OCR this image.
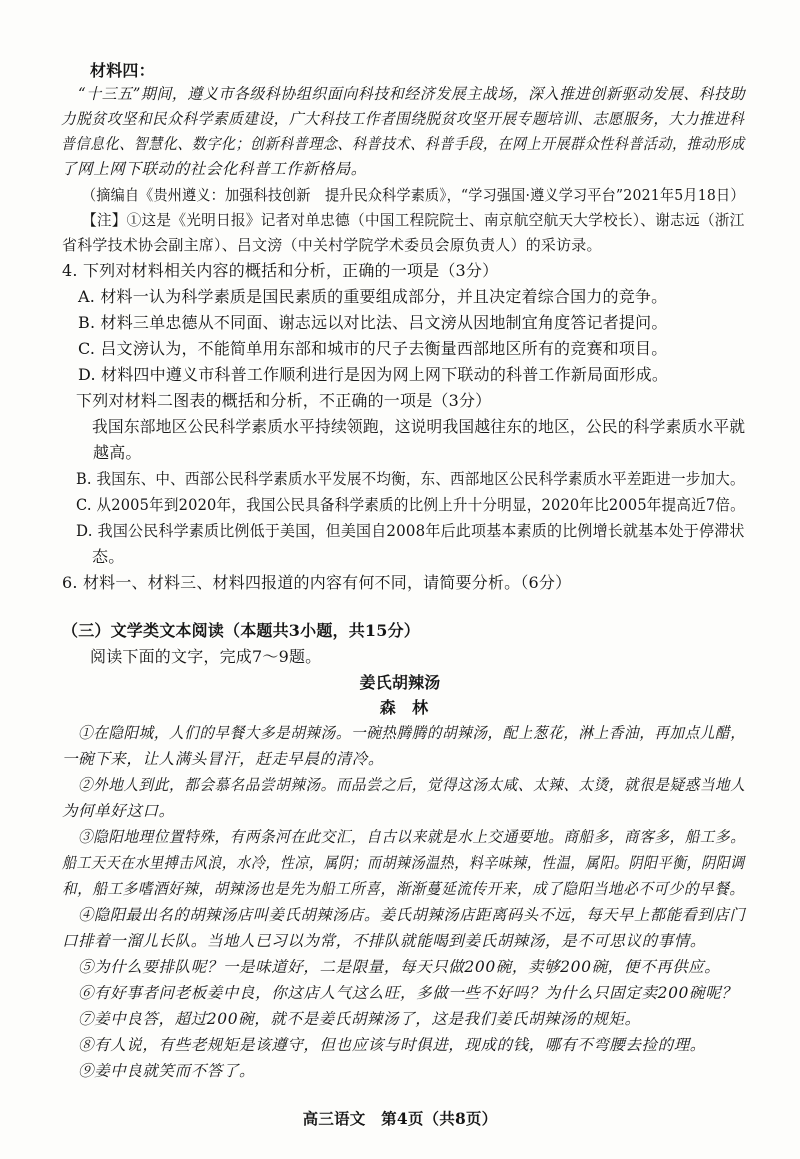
材料四：
“十三五”期间，遵义市各级科协组织面向科技和经济发展主战场，深入推进创新驱动发展、科技助
力脱贫攻坚和民众科学素质建设，广大科技工作者围绕脱贫攻坚开展专题培训、志愿服务，大力推进科
普信息化、智慧化、数字化；创新科普理念、科普技术、科普手段，在网上开展群众性科普活动，推动形成
了网上网下联动的社会化科普工作新格局。
（摘编自《贵州遵义：加强科技创新　提升民众科学素质》，“学习强国·遵义学习平台”2021年5月18日）
【注】①这是《光明日报》记者对单忠德（中国工程院院士、南京航空航天大学校长）、谢志远（浙江
省科学技术协会副主席）、吕文滂（中关村学院学术委员会原负责人）的采访录。
4. 下列对材料相关内容的概括和分析，正确的一项是（3分）
A. 材料一认为科学素质是国民素质的重要组成部分，并且决定着综合国力的竞争。
B. 材料三单忠德从不同面、谢志远以对比法、吕文滂从因地制宜角度答记者提问。
C. 吕文滂认为，不能简单用东部和城市的尺子去衡量西部地区所有的竞赛和项目。
D. 材料四中遵义市科普工作顺利进行是因为网上网下联动的科普工作新局面形成。
下列对材料二图表的概括和分析，不正确的一项是（3分）
我国东部地区公民科学素质水平持续领跑，这说明我国越往东的地区，公民的科学素质水平就
越高。
B. 我国东、中、西部公民科学素质水平发展不均衡，东、西部地区公民科学素质水平差距进一步加大。
C. 从2005年到2020年，我国公民具备科学素质的比例上升十分明显，2020年比2005年提高近7倍。
D. 我国公民科学素质比例低于美国，但美国自2008年后此项基本素质的比例增长就基本处于停滞状
态。
6. 材料一、材料三、材料四报道的内容有何不同，请简要分析。（6分）
（三）文学类文本阅读（本题共3小题，共15分）
阅读下面的文字，完成7～9题。
姜氏胡辣汤
森　林
①在隐阳城，人们的早餐大多是胡辣汤。一碗热腾腾的胡辣汤，配上葱花，淋上香油，再加点儿醋，
一碗下来，让人满头冒汗，赶走早晨的清冷。
②外地人到此，都会慕名品尝胡辣汤。而品尝之后，觉得这汤太咸、太辣、太烫，就很是疑惑当地人
为何单好这口。
③隐阳地理位置特殊，有两条河在此交汇，自古以来就是水上交通要地。商船多，商客多，船工多。
船工天天在水里搏击风浪，水冷，性凉，属阴；而胡辣汤温热，料辛味辣，性温，属阳。阴阳平衡，阴阳调
和，船工多嗜酒好辣，胡辣汤也是先为船工所喜，渐渐蔓延流传开来，成了隐阳当地必不可少的早餐。
④隐阳最出名的胡辣汤店叫姜氏胡辣汤店。姜氏胡辣汤店距离码头不远，每天早上都能看到店门
口排着一溜儿长队。当地人已习以为常，不排队就能喝到姜氏胡辣汤，是不可思议的事情。
⑤为什么要排队呢？一是味道好，二是限量，每天只做200碗，卖够200碗，便不再供应。
⑥有好事者问老板姜中良，你这店人气这么旺，多做一些不好吗？为什么只固定卖200碗呢？
⑦姜中良答，超过200碗，就不是姜氏胡辣汤了，这是我们姜氏胡辣汤的规矩。
⑧有人说，有些老规矩是该遵守，但也应该与时俱进，现成的钱，哪有不弯腰去捡的理。
⑨姜中良就笑而不答了。
高三语文　第4页（共8页）
